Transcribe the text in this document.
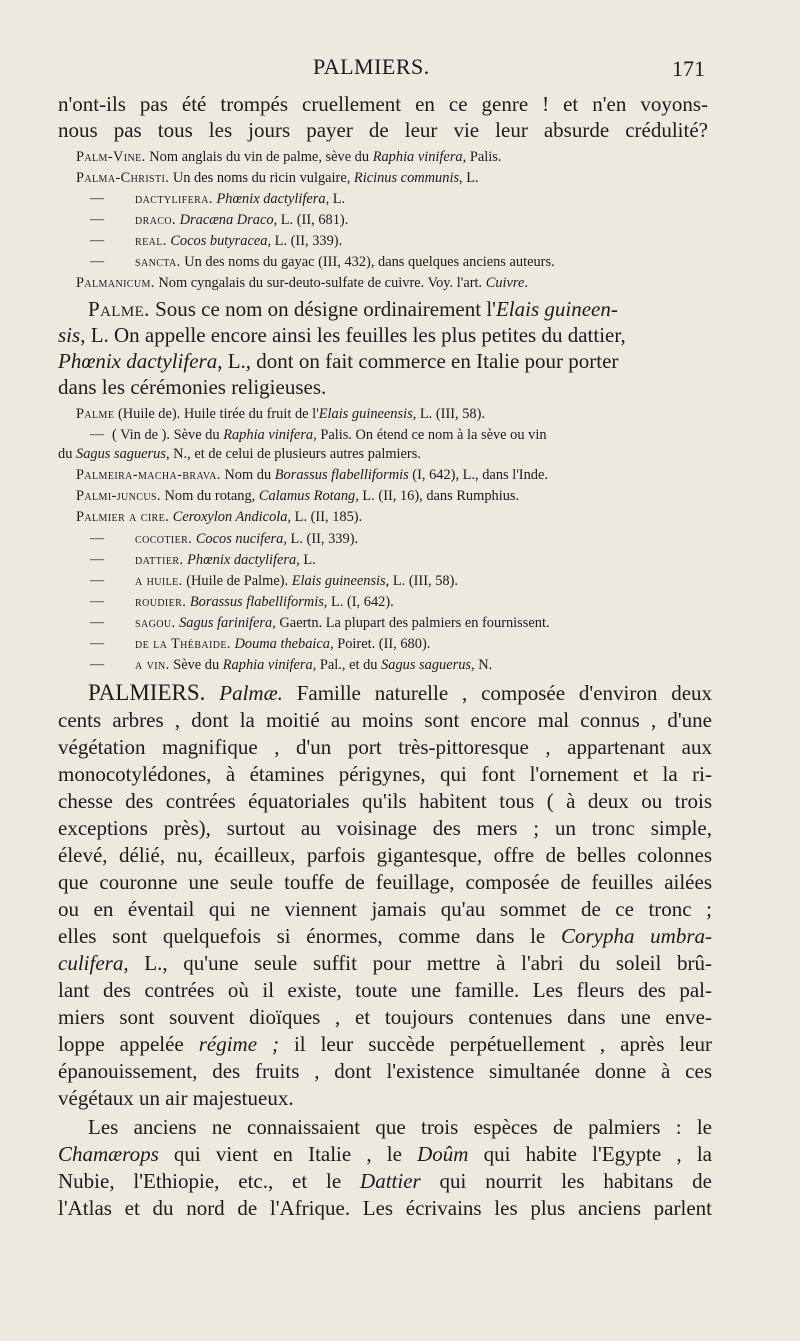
PALMIERS.	171
n'ont-ils pas été trompés cruellement en ce genre ! et n'en voyons-
nous pas tous les jours payer de leur vie leur absurde crédulité?
Palm-Vine. Nom anglais du vin de palme, sève du Raphia vinifera, Palis.
Palma-Christi. Un des noms du ricin vulgaire, Ricinus communis, L.
— dactylifera. Phœnix dactylifera, L.
— draco. Dracæna Draco, L. (II, 681).
— real. Cocos butyracea, L. (II, 339).
— sancta. Un des noms du gayac (III, 432), dans quelques anciens auteurs.
Palmanicum. Nom cyngalais du sur-deuto-sulfate de cuivre. Voy. l'art. Cuivre.
Palme. Sous ce nom on désigne ordinairement l'Elais guineen-
sis, L. On appelle encore ainsi les feuilles les plus petites du dattier,
Phœnix dactylifera, L., dont on fait commerce en Italie pour porter
dans les cérémonies religieuses.
Palme (Huile de). Huile tirée du fruit de l'Elais guineensis, L. (III, 58).
— ( Vin de ). Sève du Raphia vinifera, Palis. On étend ce nom à la sève ou vin
du Sagus saguerus, N., et de celui de plusieurs autres palmiers.
Palmeira-macha-brava. Nom du Borassus flabelliformis (I, 642), L., dans l'Inde.
Palmi-juncus. Nom du rotang, Calamus Rotang, L. (II, 16), dans Rumphius.
Palmier a cire. Ceroxylon Andicola, L. (II, 185).
— cocotier. Cocos nucifera, L. (II, 339).
— dattier. Phœnix dactylifera, L.
— a huile. (Huile de Palme). Elais guineensis, L. (III, 58).
— roudier. Borassus flabelliformis, L. (I, 642).
— sagou. Sagus farinifera, Gaertn. La plupart des palmiers en fournissent.
— de la Thébaide. Douma thebaica, Poiret. (II, 680).
— a vin. Sève du Raphia vinifera, Pal., et du Sagus saguerus, N.
PALMIERS. Palmæ. Famille naturelle , composée d'environ deux
cents arbres , dont la moitié au moins sont encore mal connus , d'une
végétation magnifique , d'un port très-pittoresque , appartenant aux
monocotylédones, à étamines périgynes, qui font l'ornement et la ri-
chesse des contrées équatoriales qu'ils habitent tous ( à deux ou trois
exceptions près), surtout au voisinage des mers ; un tronc simple,
élevé, délié, nu, écailleux, parfois gigantesque, offre de belles colonnes
que couronne une seule touffe de feuillage, composée de feuilles ailées
ou en éventail qui ne viennent jamais qu'au sommet de ce tronc ;
elles sont quelquefois si énormes, comme dans le Corypha umbra-
culifera, L., qu'une seule suffit pour mettre à l'abri du soleil brû-
lant des contrées où il existe, toute une famille. Les fleurs des pal-
miers sont souvent dioïques , et toujours contenues dans une enve-
loppe appelée régime ; il leur succède perpétuellement , après leur
épanouissement, des fruits , dont l'existence simultanée donne à ces
végétaux un air majestueux.
Les anciens ne connaissaient que trois espèces de palmiers : le
Chamærops qui vient en Italie , le Doûm qui habite l'Egypte , la
Nubie, l'Ethiopie, etc., et le Dattier qui nourrit les habitans de
l'Atlas et du nord de l'Afrique. Les écrivains les plus anciens parlent
